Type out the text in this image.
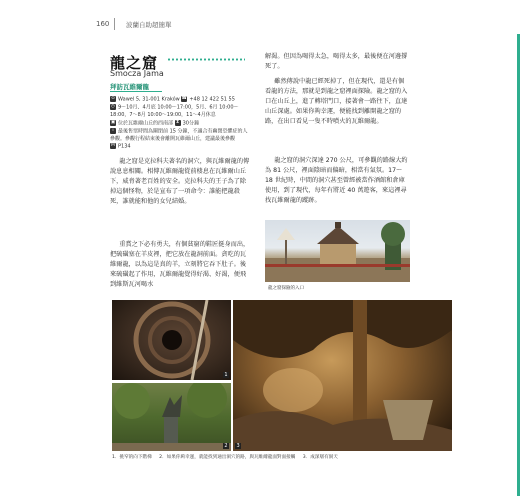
160	波蘭自助超簡單
龍之窟
Smocza Jama
拜訪瓦維爾龍
⊙ Wawel 5, 31-001 Kraków ☎ +48 12 422 51 55
◷ 9～10月、4月底 10:00～17:00，5月、6月 10:00～18:00，7～8月 10:00～19:00，11～4月休息
▣ 位於瓦維爾山丘的西南部 ⧗ 30分鐘
i 最後售票時間為關閉前 15 分鐘，不適合有幽閉恐懼症的人參觀。參觀行程結束後會離開瓦維爾山丘，建議最後參觀
M P134

龍之窟是克拉科夫著名的洞穴，與瓦維爾龍的傳說息息相關。相傳瓦維爾龍從前棲息在瓦維爾山丘下，威脅著老百姓的安全。克拉科夫的王子為了除掉這個怪物，於是宣布了一項命令：誰能把龍殺死，誰就能和他的女兒結婚。

重賞之下必有勇夫，有個貧窮的鞋匠挺身而出，把硫磺塞在羊皮裡，把它放在龍洞前面。貪吃的瓦維爾龍，以為這是真的羊，立刻將它吞下肚子。後來硫磺起了作用，瓦維爾龍覺得好渴、好渴，便飛到維斯瓦河喝水

解渴。但因為喝得太急，喝得太多，最後便在河邊撐死了。

雖然傳說中龍已經死掉了，但在現代，還是有個看龍的方法，那就是到龍之窟裡面探險。龍之窟的入口在山丘上，進了轉塔門口，接著會一路往下，直達山丘深處。如果你夠幸運，便能找到離開龍之窟的路，在出口看見一隻不時噴火的瓦維爾龍。

龍之窟的洞穴深達 270 公尺，可參觀的路線大約為 81 公尺，裡面陰暗而偏暗，相當有氣氛。17～18 世紀時，中間的洞穴甚至曾經被當作酒館和倉庫使用，到了現代，每年有將近 40 萬遊客，來這裡尋找瓦維爾龍的蹤跡。

龍之窟探險的入口
1
2	3
1．挑窄的向下階梯 2．如果你夠幸運，就能找到通出洞穴的路，與瓦維爾龍面對面接觸 3．成深層有洞天
